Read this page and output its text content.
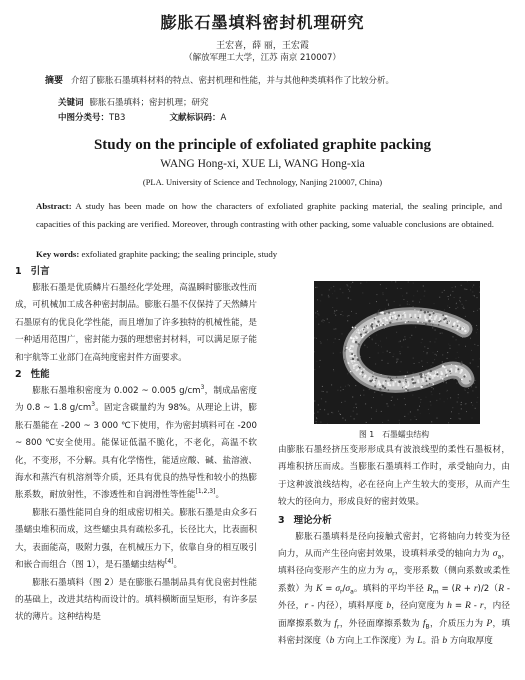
膨胀石墨填料密封机理研究

王宏喜，薛 丽，王宏霞

（解放军理工大学，江苏 南京 210007）

摘要 介绍了膨胀石墨填料材料的特点、密封机理和性能，并与其他种类填料作了比较分析。

关键词 膨胀石墨填料；密封机理；研究

中图分类号：TB3	文献标识码：A

Study on the principle of exfoliated graphite packing

WANG Hong-xi, XUE Li, WANG Hong-xia

(PLA. University of Science and Technology, Nanjing 210007, China)

Abstract: A study has been made on how the characters of exfoliated graphite packing material, the sealing principle, and capacities of this packing are verified. Moreover, through contrasting with other packing, some valuable conclusions are obtained.

Key words: exfoliated graphite packing; the sealing principle, study

1 引言

膨胀石墨是优质鳞片石墨经化学处理，高温瞬时膨胀改性而成，可机械加工成各种密封制品。膨胀石墨不仅保持了天然鳞片石墨原有的优良化学性能，而且增加了许多独特的机械性能，是一种适用范围广，密封能力强的理想密封材料，可以满足原子能和宇航等工业部门在高纯度密封件方面要求。

2 性能

膨胀石墨堆积密度为 0.002 ~ 0.005 $g/cm^3$，制成品密度为 0.8 ~ 1.8 $g/cm^3$。固定含碳量约为 98%。从理论上讲，膨胀石墨能在 -200 ~ 3 000 ℃下使用，作为密封填料可在 -200 ~ 800 ℃安全使用。能保证低温不脆化，不老化，高温不软化，不变形，不分解。具有化学惰性，能适应酸、碱、盐溶液、海水和蒸汽有机溶剂等介质，还具有优良的热导性和较小的热膨胀系数，耐放射性，不渗透性和自润滑性等性能[1,2,3]。

膨胀石墨性能同自身的组成密切相关。膨胀石墨是由众多石墨蠕虫堆积而成，这些蠕虫具有疏松多孔，长径比大，比表面积大，表面能高，吸附力强，在机械压力下，依靠自身的相互吸引和嵌合而组合（图 1），是石墨蠕虫结构[4]。

膨胀石墨填料（图 2）是在膨胀石墨制品具有优良密封性能的基础上，改进其结构而设计的。填料横断面呈矩形，有许多层状的薄片。这种结构是

图 1 石墨蠕虫结构

由膨胀石墨经挤压变形形成具有波浪线型的柔性石墨板材，再堆积挤压而成。当膨胀石墨填料工作时，承受轴向力，由于这种波浪线结构，必在径向上产生较大的变形，从而产生较大的径向力，形成良好的密封效果。

3 理论分析

膨胀石墨填料是径向接触式密封，它将轴向力转变为径向力，从而产生径向密封效果，设填料承受的轴向力为 $\sigma_a$，填料径向变形产生的应力为 $\sigma_r$，变形系数（侧向系数或柔性系数）为 $K = \sigma_r/\sigma_a$。填料的平均半径 $R_m = (R + r)/2(R$ - 外径，r - 内径），填料厚度 b，径向宽度为 h = R - r，内径面摩擦系数为 $f_r$，外径面摩擦系数为 $f_B$，介质压力为 P，填料密封深度（b 方向上工作深度）为 L。沿 b 方向取厚度
